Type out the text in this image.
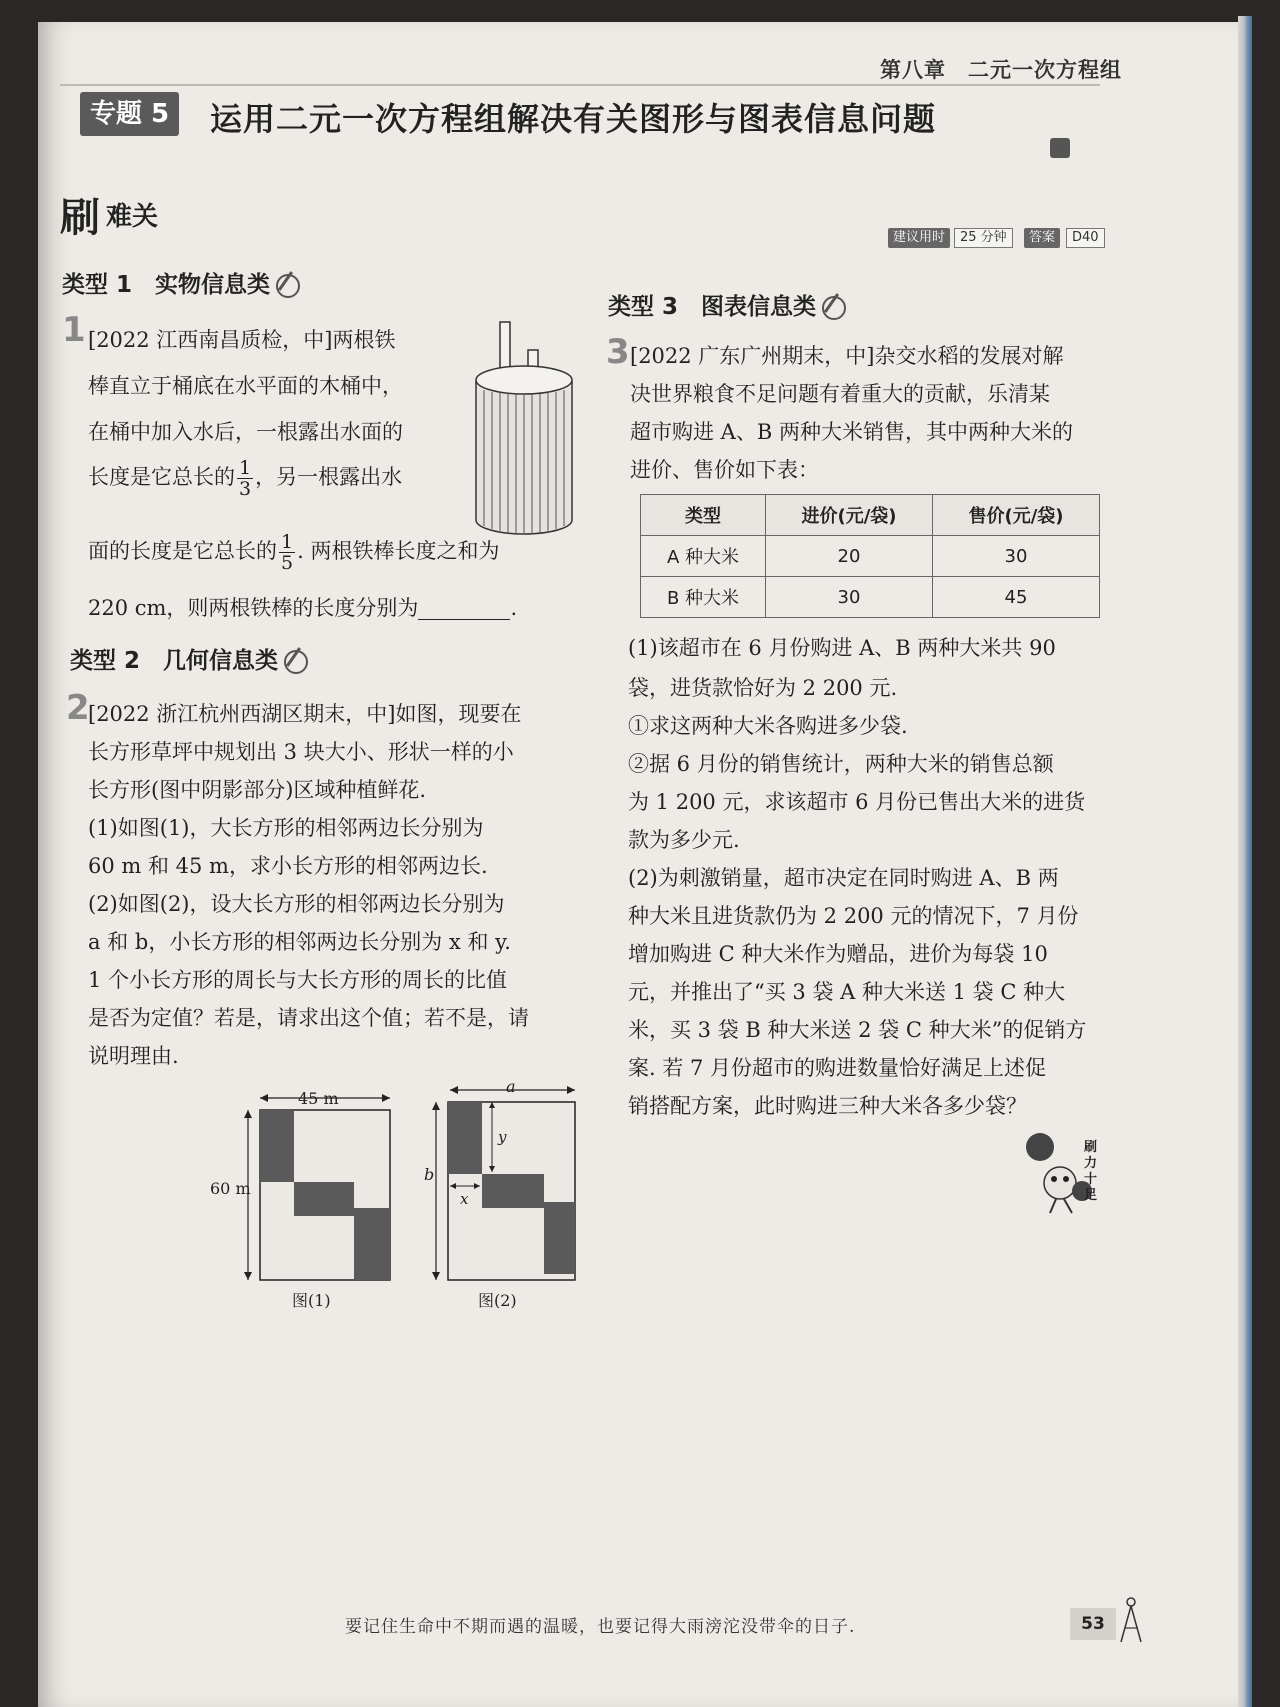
第八章　二元一次方程组
专题 5	运用二元一次方程组解决有关图形与图表信息问题
刷 难关
建议用时	25 分钟	答案	D40
类型 1　实物信息类
1 [2022 江西南昌质检，中]两根铁
棒直立于桶底在水平面的木桶中，
在桶中加入水后，一根露出水面的
长度是它总长的 $\frac{1}{3}$ ，另一根露出水
面的长度是它总长的 $\frac{1}{5}$ . 两根铁棒长度之和为
220 cm，则两根铁棒的长度分别为	.
类型 2　几何信息类
2
[2022 浙江杭州西湖区期末，中]如图，现要在
长方形草坪中规划出 3 块大小、形状一样的小
长方形(图中阴影部分)区域种植鲜花.
(1)如图(1)，大长方形的相邻两边长分别为
60 m 和 45 m，求小长方形的相邻两边长.
(2)如图(2)，设大长方形的相邻两边长分别为
a 和 b，小长方形的相邻两边长分别为 x 和 y.
1 个小长方形的周长与大长方形的周长的比值
是否为定值？若是，请求出这个值；若不是，请
说明理由.
45 m
60 m
图(1)
a
b
y
x
图(2)
类型 3　图表信息类
3 [2022 广东广州期末，中]杂交水稻的发展对解
决世界粮食不足问题有着重大的贡献，乐清某
超市购进 A、B 两种大米销售，其中两种大米的
进价、售价如下表：
类型	进价(元/袋)	售价(元/袋)
A 种大米	20	30
B 种大米	30	45
(1)该超市在 6 月份购进 A、B 两种大米共 90
袋，进货款恰好为 2 200 元.
①求这两种大米各购进多少袋.
②据 6 月份的销售统计，两种大米的销售总额
为 1 200 元，求该超市 6 月份已售出大米的进货
款为多少元.
(2)为刺激销量，超市决定在同时购进 A、B 两
种大米且进货款仍为 2 200 元的情况下，7 月份
增加购进 C 种大米作为赠品，进价为每袋 10
元，并推出了“买 3 袋 A 种大米送 1 袋 C 种大
米，买 3 袋 B 种大米送 2 袋 C 种大米”的促销方
案. 若 7 月份超市的购进数量恰好满足上述促
销搭配方案，此时购进三种大米各多少袋？
刷力十足
要记住生命中不期而遇的温暖，也要记得大雨滂沱没带伞的日子.	53
